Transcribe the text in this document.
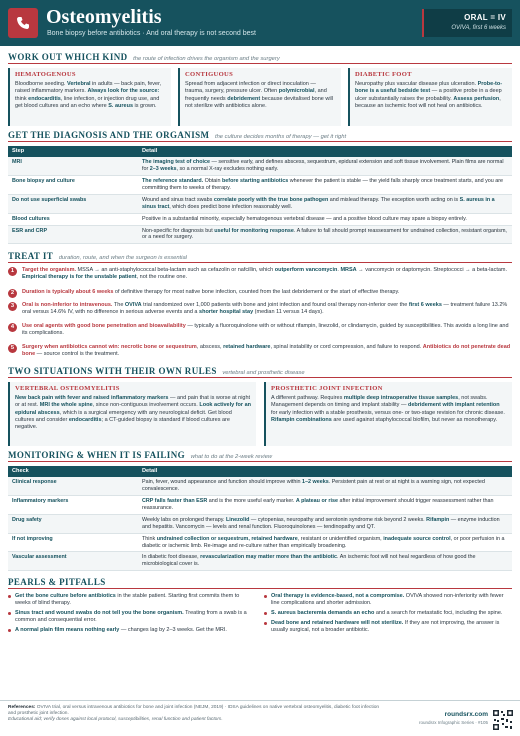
Osteomyelitis
Bone biopsy before antibiotics · And oral therapy is not second best
ORAL = IV
OVIVA, first 6 weeks
WORK OUT WHICH KIND the route of infection drives the organism and the surgery
HEMATOGENOUS
Bloodborne seeding. Vertebral in adults — back pain, fever, raised inflammatory markers. Always look for the source: think endocarditis, line infection, or injection drug use, and get blood cultures and an echo where S. aureus is grown.
CONTIGUOUS
Spread from adjacent infection or direct inoculation — trauma, surgery, pressure ulcer. Often polymicrobial, and frequently needs debridement because devitalised bone will not sterilize with antibiotics alone.
DIABETIC FOOT
Neuropathy plus vascular disease plus ulceration. Probe-to-bone is a useful bedside test — a positive probe in a deep ulcer substantially raises the probability. Assess perfusion, because an ischemic foot will not heal on antibiotics.
GET THE DIAGNOSIS AND THE ORGANISM the culture decides months of therapy — get it right
Step	Detail
MRI	The imaging test of choice — sensitive early, and defines abscess, sequestrum, epidural extension and soft tissue involvement. Plain films are normal for 2–3 weeks, so a normal X-ray excludes nothing early.
Bone biopsy and culture	The reference standard. Obtain before starting antibiotics whenever the patient is stable — the yield falls sharply once treatment starts, and you are committing them to weeks of therapy.
Do not use superficial swabs	Wound and sinus tract swabs correlate poorly with the true bone pathogen and mislead therapy. The exception worth acting on is S. aureus in a sinus tract, which does predict bone infection reasonably well.
Blood cultures	Positive in a substantial minority, especially hematogenous vertebral disease — and a positive blood culture may spare a biopsy entirely.
ESR and CRP	Non-specific for diagnosis but useful for monitoring response. A failure to fall should prompt reassessment for undrained collection, resistant organism, or a need for surgery.
TREAT IT duration, route, and when the surgeon is essential
1	Target the organism. MSSA → an anti-staphylococcal beta-lactam such as cefazolin or nafcillin, which outperform vancomycin. MRSA → vancomycin or daptomycin. Streptococci → a beta-lactam. Empirical therapy is for the unstable patient, not the routine one.
2	Duration is typically about 6 weeks of definitive therapy for most native bone infection, counted from the last debridement or the start of effective therapy.
3	Oral is non-inferior to intravenous. The OVIVA trial randomized over 1,000 patients with bone and joint infection and found oral therapy non-inferior over the first 6 weeks — treatment failure 13.2% oral versus 14.6% IV, with no difference in serious adverse events and a shorter hospital stay (median 11 versus 14 days).
4	Use oral agents with good bone penetration and bioavailability — typically a fluoroquinolone with or without rifampin, linezolid, or clindamycin, guided by susceptibilities. This avoids a long line and its complications.
5	Surgery when antibiotics cannot win: necrotic bone or sequestrum, abscess, retained hardware, spinal instability or cord compression, and failure to respond. Antibiotics do not penetrate dead bone — source control is the treatment.
TWO SITUATIONS WITH THEIR OWN RULES vertebral and prosthetic disease
VERTEBRAL OSTEOMYELITIS
New back pain with fever and raised inflammatory markers — and pain that is worse at night or at rest. MRI the whole spine, since non-contiguous involvement occurs. Look actively for an epidural abscess, which is a surgical emergency with any neurological deficit. Get blood cultures and consider endocarditis; a CT-guided biopsy is standard if blood cultures are negative.
PROSTHETIC JOINT INFECTION
A different pathway. Requires multiple deep intraoperative tissue samples, not swabs. Management depends on timing and implant stability — debridement with implant retention for early infection with a stable prosthesis, versus one- or two-stage revision for chronic disease. Rifampin combinations are used against staphylococcal biofilm, but never as monotherapy.
MONITORING & WHEN IT IS FAILING what to do at the 2-week review
Check	Detail
Clinical response	Pain, fever, wound appearance and function should improve within 1–2 weeks. Persistent pain at rest or at night is a warning sign, not expected convalescence.
Inflammatory markers	CRP falls faster than ESR and is the more useful early marker. A plateau or rise after initial improvement should trigger reassessment rather than reassurance.
Drug safety	Weekly labs on prolonged therapy. Linezolid — cytopenias, neuropathy and serotonin syndrome risk beyond 2 weeks. Rifampin — enzyme induction and hepatitis. Vancomycin — levels and renal function. Fluoroquinolones — tendinopathy and QT.
If not improving	Think undrained collection or sequestrum, retained hardware, resistant or unidentified organism, inadequate source control, or poor perfusion in a diabetic or ischemic limb. Re-image and re-culture rather than empirically broadening.
Vascular assessment	In diabetic foot disease, revascularization may matter more than the antibiotic. An ischemic foot will not heal regardless of how good the microbiological cover is.
PEARLS & PITFALLS
Get the bone culture before antibiotics in the stable patient. Starting first commits them to weeks of blind therapy.
Sinus tract and wound swabs do not tell you the bone organism. Treating from a swab is a common and consequential error.
A normal plain film means nothing early — changes lag by 2–3 weeks. Get the MRI.
Oral therapy is evidence-based, not a compromise. OVIVA showed non-inferiority with fewer line complications and shorter admission.
S. aureus bacteremia demands an echo and a search for metastatic foci, including the spine.
Dead bone and retained hardware will not sterilize. If they are not improving, the answer is usually surgical, not a broader antibiotic.
References: OVIVA trial, oral versus intravenous antibiotics for bone and joint infection (NEJM, 2019) · IDSA guidelines on native vertebral osteomyelitis, diabetic foot infection and prosthetic joint infection.
Educational aid; verify doses against local protocol, susceptibilities, renal function and patient factors.
roundsrx.com
roundsrx Infographic Series · #105
